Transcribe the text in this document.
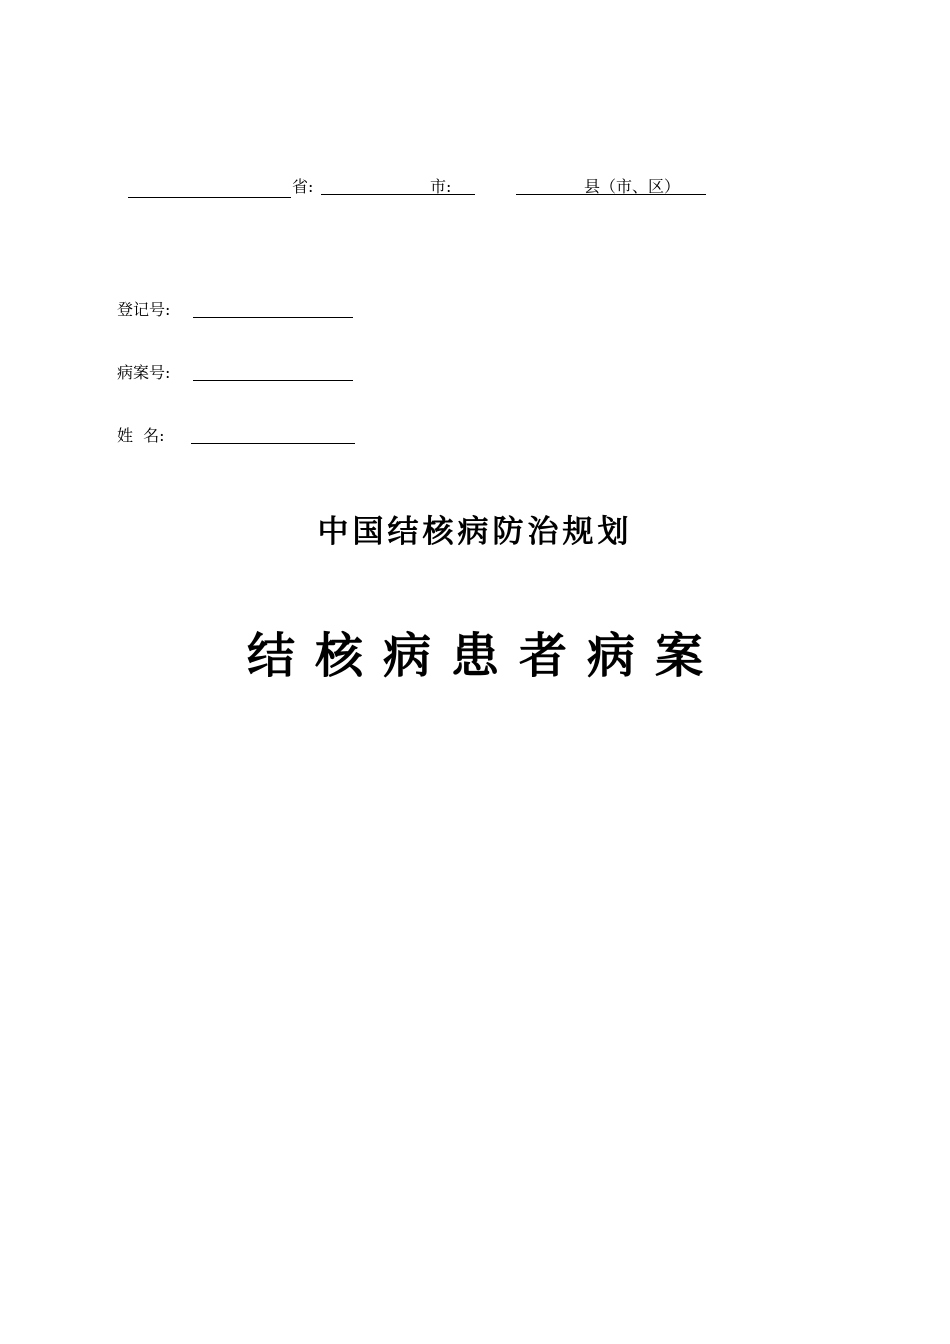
省:	市:	县（市、区）
登记号:
病案号:
姓  名:
中国结核病防治规划
结核病患者病案
